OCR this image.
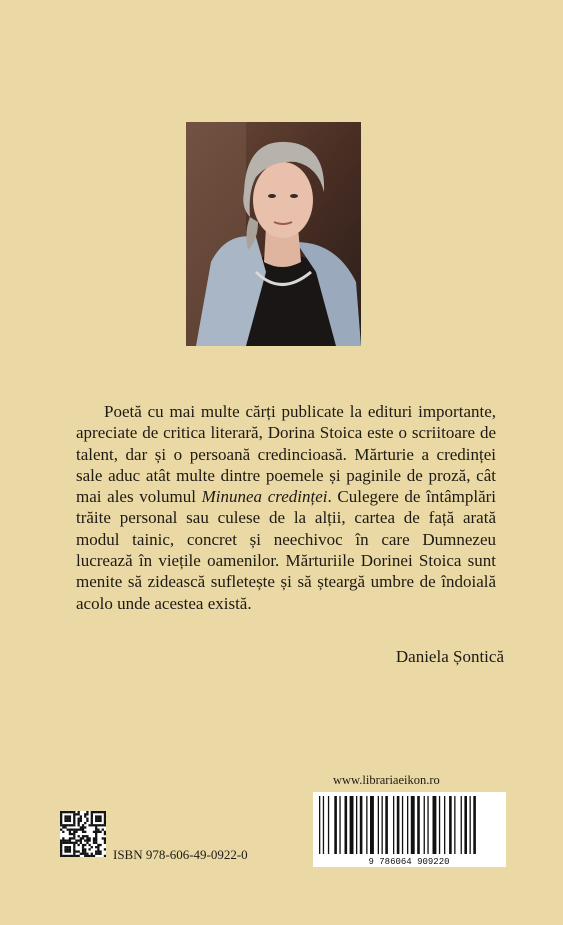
Poetă cu mai multe cărți publicate la edituri importante, apreciate de critica literară, Dorina Stoica este o scriitoare de talent, dar și o persoană credincioasă. Mărturie a credinței sale aduc atât multe dintre poemele și paginile de proză, cât mai ales volumul Minunea credinței. Culegere de întâmplări trăite personal sau culese de la alții, cartea de față arată modul tainic, concret și neechivoc în care Dumnezeu lucrează în viețile oamenilor. Mărturiile Dorinei Stoica sunt menite să zidească sufletește și să șteargă umbre de îndoială acolo unde acestea există.

Daniela Șontică
www.librariaeikon.ro
9 786064 909220
ISBN 978-606-49-0922-0
